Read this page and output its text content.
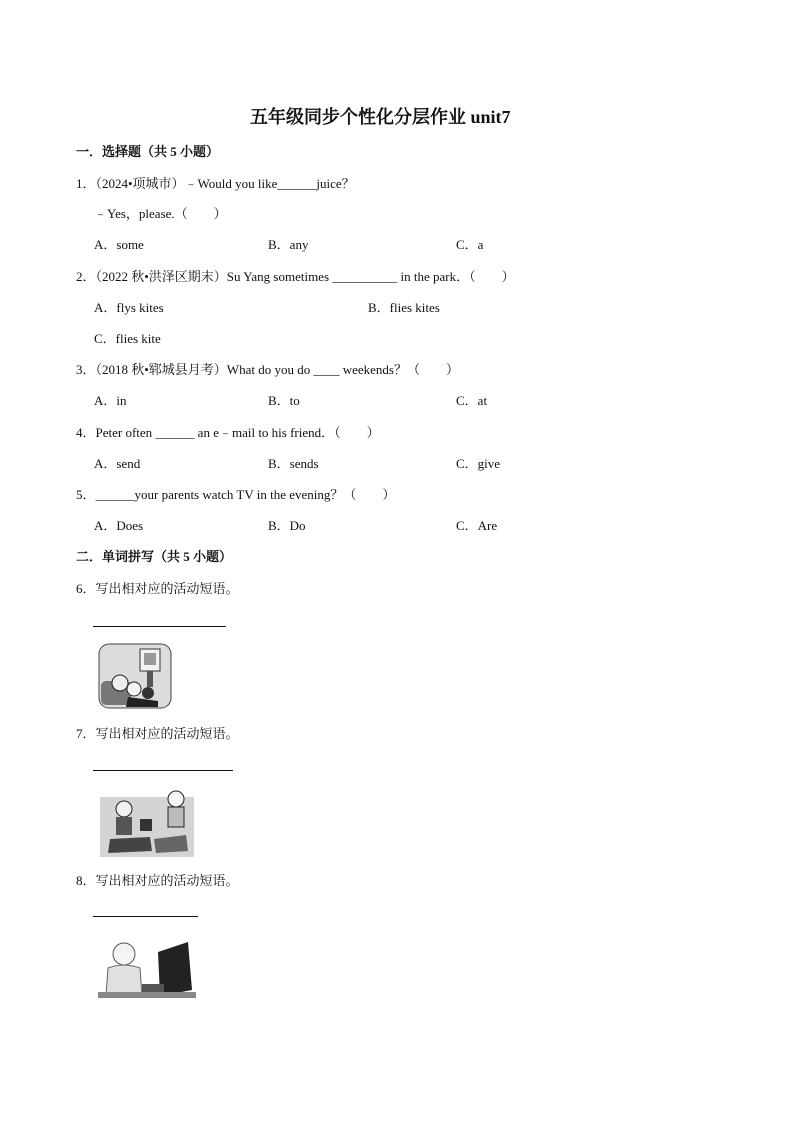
五年级同步个性化分层作业 unit7
一．选择题（共 5 小题）
1．（2024•项城市）﹣Would you like______juice？
﹣Yes，please.（　　）
A．some	B．any	C．a
2．（2022 秋•洪泽区期末）Su Yang sometimes __________ in the park．（　　）
A．flys kites	B．flies kites
C．flies kite
3．（2018 秋•郓城县月考）What do you do ____ weekends？（　　）
A．in	B．to	C．at
4．Peter often ______ an e﹣mail to his friend．（　　）
A．send	B．sends	C．give
5．______your parents watch TV in the evening？（　　）
A．Does	B．Do	C．Are
二．单词拼写（共 5 小题）
6．写出相对应的活动短语。
7．写出相对应的活动短语。
8．写出相对应的活动短语。
